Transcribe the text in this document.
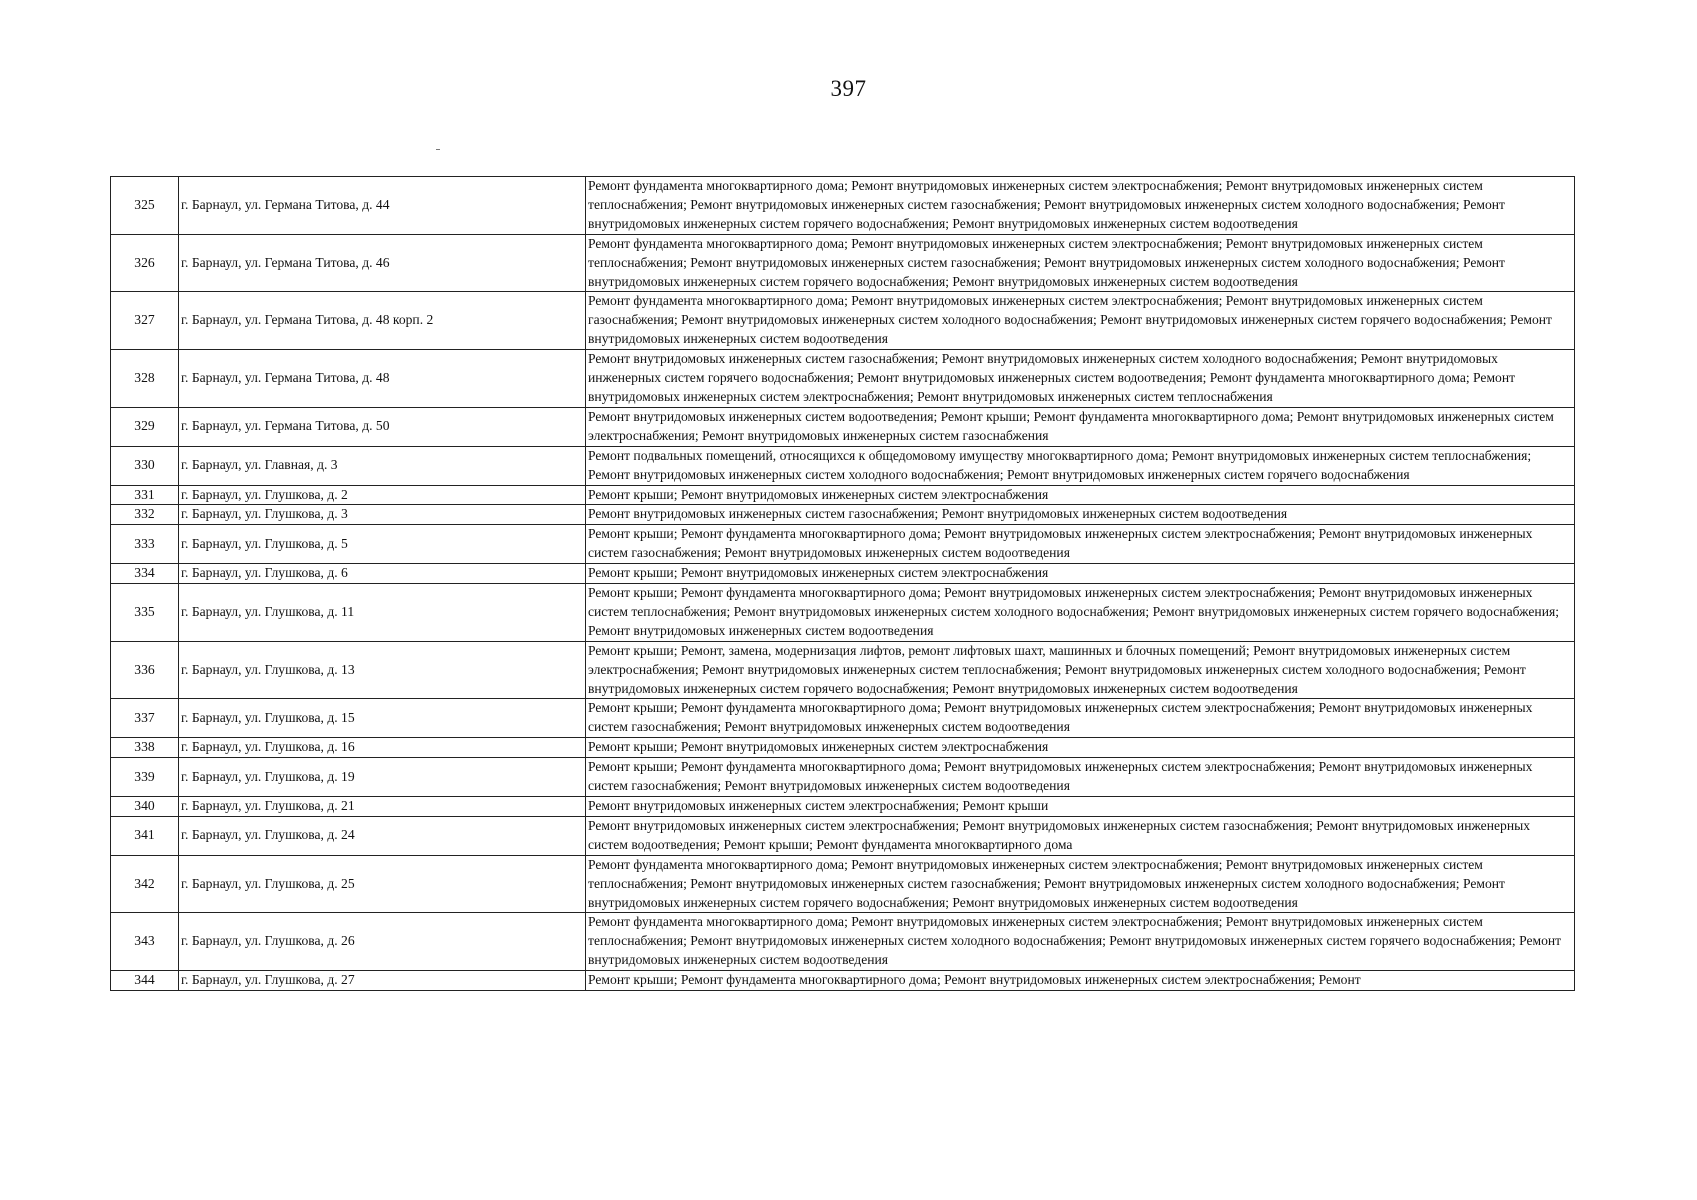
397
325	г. Барнаул, ул. Германа Титова, д. 44	Ремонт фундамента многоквартирного дома; Ремонт внутридомовых инженерных систем электроснабжения; Ремонт внутридомовых инженерных систем теплоснабжения; Ремонт внутридомовых инженерных систем газоснабжения; Ремонт внутридомовых инженерных систем холодного водоснабжения; Ремонт внутридомовых инженерных систем горячего водоснабжения; Ремонт внутридомовых инженерных систем водоотведения
326	г. Барнаул, ул. Германа Титова, д. 46	Ремонт фундамента многоквартирного дома; Ремонт внутридомовых инженерных систем электроснабжения; Ремонт внутридомовых инженерных систем теплоснабжения; Ремонт внутридомовых инженерных систем газоснабжения; Ремонт внутридомовых инженерных систем холодного водоснабжения; Ремонт внутридомовых инженерных систем горячего водоснабжения; Ремонт внутридомовых инженерных систем водоотведения
327	г. Барнаул, ул. Германа Титова, д. 48 корп. 2	Ремонт фундамента многоквартирного дома; Ремонт внутридомовых инженерных систем электроснабжения; Ремонт внутридомовых инженерных систем газоснабжения; Ремонт внутридомовых инженерных систем холодного водоснабжения; Ремонт внутридомовых инженерных систем горячего водоснабжения; Ремонт внутридомовых инженерных систем водоотведения
328	г. Барнаул, ул. Германа Титова, д. 48	Ремонт внутридомовых инженерных систем газоснабжения; Ремонт внутридомовых инженерных систем холодного водоснабжения; Ремонт внутридомовых инженерных систем горячего водоснабжения; Ремонт внутридомовых инженерных систем водоотведения; Ремонт фундамента многоквартирного дома; Ремонт внутридомовых инженерных систем электроснабжения; Ремонт внутридомовых инженерных систем теплоснабжения
329	г. Барнаул, ул. Германа Титова, д. 50	Ремонт внутридомовых инженерных систем водоотведения; Ремонт крыши; Ремонт фундамента многоквартирного дома; Ремонт внутридомовых инженерных систем электроснабжения; Ремонт внутридомовых инженерных систем газоснабжения
330	г. Барнаул, ул. Главная, д. 3	Ремонт подвальных помещений, относящихся к общедомовому имуществу многоквартирного дома; Ремонт внутридомовых инженерных систем теплоснабжения; Ремонт внутридомовых инженерных систем холодного водоснабжения; Ремонт внутридомовых инженерных систем горячего водоснабжения
331	г. Барнаул, ул. Глушкова, д. 2	Ремонт крыши; Ремонт внутридомовых инженерных систем электроснабжения
332	г. Барнаул, ул. Глушкова, д. 3	Ремонт внутридомовых инженерных систем газоснабжения; Ремонт внутридомовых инженерных систем водоотведения
333	г. Барнаул, ул. Глушкова, д. 5	Ремонт крыши; Ремонт фундамента многоквартирного дома; Ремонт внутридомовых инженерных систем электроснабжения; Ремонт внутридомовых инженерных систем газоснабжения; Ремонт внутридомовых инженерных систем водоотведения
334	г. Барнаул, ул. Глушкова, д. 6	Ремонт крыши; Ремонт внутридомовых инженерных систем электроснабжения
335	г. Барнаул, ул. Глушкова, д. 11	Ремонт крыши; Ремонт фундамента многоквартирного дома; Ремонт внутридомовых инженерных систем электроснабжения; Ремонт внутридомовых инженерных систем теплоснабжения; Ремонт внутридомовых инженерных систем холодного водоснабжения; Ремонт внутридомовых инженерных систем горячего водоснабжения; Ремонт внутридомовых инженерных систем водоотведения
336	г. Барнаул, ул. Глушкова, д. 13	Ремонт крыши; Ремонт, замена, модернизация лифтов, ремонт лифтовых шахт, машинных и блочных помещений; Ремонт внутридомовых инженерных систем электроснабжения; Ремонт внутридомовых инженерных систем теплоснабжения; Ремонт внутридомовых инженерных систем холодного водоснабжения; Ремонт внутридомовых инженерных систем горячего водоснабжения; Ремонт внутридомовых инженерных систем водоотведения
337	г. Барнаул, ул. Глушкова, д. 15	Ремонт крыши; Ремонт фундамента многоквартирного дома; Ремонт внутридомовых инженерных систем электроснабжения; Ремонт внутридомовых инженерных систем газоснабжения; Ремонт внутридомовых инженерных систем водоотведения
338	г. Барнаул, ул. Глушкова, д. 16	Ремонт крыши; Ремонт внутридомовых инженерных систем электроснабжения
339	г. Барнаул, ул. Глушкова, д. 19	Ремонт крыши; Ремонт фундамента многоквартирного дома; Ремонт внутридомовых инженерных систем электроснабжения; Ремонт внутридомовых инженерных систем газоснабжения; Ремонт внутридомовых инженерных систем водоотведения
340	г. Барнаул, ул. Глушкова, д. 21	Ремонт внутридомовых инженерных систем электроснабжения; Ремонт крыши
341	г. Барнаул, ул. Глушкова, д. 24	Ремонт внутридомовых инженерных систем электроснабжения; Ремонт внутридомовых инженерных систем газоснабжения; Ремонт внутридомовых инженерных систем водоотведения; Ремонт крыши; Ремонт фундамента многоквартирного дома
342	г. Барнаул, ул. Глушкова, д. 25	Ремонт фундамента многоквартирного дома; Ремонт внутридомовых инженерных систем электроснабжения; Ремонт внутридомовых инженерных систем теплоснабжения; Ремонт внутридомовых инженерных систем газоснабжения; Ремонт внутридомовых инженерных систем холодного водоснабжения; Ремонт внутридомовых инженерных систем горячего водоснабжения; Ремонт внутридомовых инженерных систем водоотведения
343	г. Барнаул, ул. Глушкова, д. 26	Ремонт фундамента многоквартирного дома; Ремонт внутридомовых инженерных систем электроснабжения; Ремонт внутридомовых инженерных систем теплоснабжения; Ремонт внутридомовых инженерных систем холодного водоснабжения; Ремонт внутридомовых инженерных систем горячего водоснабжения; Ремонт внутридомовых инженерных систем водоотведения
344	г. Барнаул, ул. Глушкова, д. 27	Ремонт крыши; Ремонт фундамента многоквартирного дома; Ремонт внутридомовых инженерных систем электроснабжения; Ремонт
